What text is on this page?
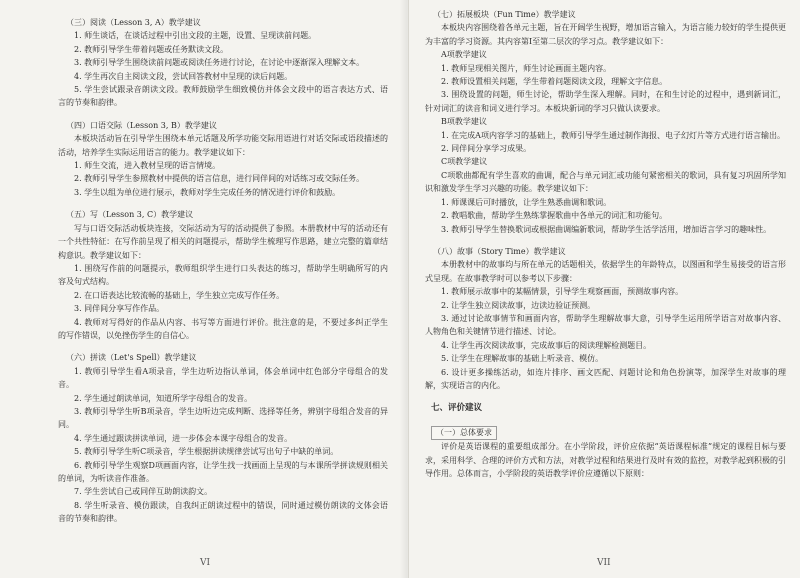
（三）阅读（Lesson 3, A）教学建议

1. 师生谈话，在谈话过程中引出文段的主题，设置、呈现读前问题。

2. 教师引导学生带着问题或任务默读文段。

3. 教师引导学生围绕读前问题或阅读任务进行讨论，在讨论中逐渐深入理解文本。

4. 学生再次自主阅读文段，尝试回答教材中呈现的读后问题。

5. 学生尝试跟录音朗读文段。教师鼓励学生细致模仿并体会文段中的语言表达方式、语言的节奏和韵律。

（四）口语交际（Lesson 3, B）教学建议

本板块活动旨在引导学生围绕本单元话题及所学功能交际用语进行对话交际或语段描述的活动，培养学生实际运用语言的能力。教学建议如下：

1. 师生交流，进入教材呈现的语言情境。

2. 教师引导学生参照教材中提供的语言信息，进行同伴间的对话练习或交际任务。

3. 学生以组为单位进行展示，教师对学生完成任务的情况进行评价和鼓励。

（五）写（Lesson 3, C）教学建议

写与口语交际活动板块连接，交际活动为写的活动提供了参照。本册教材中写的活动还有一个共性特征：在写作前呈现了相关的问题提示，帮助学生梳理写作思路，建立完整的篇章结构意识。教学建议如下：

1. 围绕写作前的问题提示，教师组织学生进行口头表达的练习，帮助学生明确所写的内容及句式结构。

2. 在口语表达比较流畅的基础上，学生独立完成写作任务。

3. 同伴间分享写作作品。

4. 教师对写得好的作品从内容、书写等方面进行评价。批注意的是，不要过多纠正学生的写作错误，以免挫伤学生的自信心。

（六）拼读（Let's Spell）教学建议

1. 教师引导学生看A项录音，学生边听边指认单词，体会单词中红色部分字母组合的发音。

2. 学生通过朗读单词，知道所学字母组合的发音。

3. 教师引导学生听B项录音，学生边听边完成判断、选择等任务，辨别字母组合发音的异同。

4. 学生通过跟读拼读单词，进一步体会本课字母组合的发音。

5. 教师引导学生听C项录音，学生根据拼读规律尝试写出句子中缺的单词。

6. 教师引导学生观察D项画面内容，让学生找一找画面上呈现的与本课所学拼读规则相关的单词，为听读音作准备。

7. 学生尝试自己或同伴互助朗读韵文。

8. 学生听录音、模仿跟读，自我纠正朗读过程中的错误，同时通过模仿朗读的文体会语音的节奏和韵律。

VI

（七）拓展板块（Fun Time）教学建议

本板块内容围绕着各单元主题，旨在开阔学生视野，增加语言输入，为语言能力较好的学生提供更为丰富的学习资源。其内容第Ⅰ至第二层次的学习点。教学建议如下：

A项教学建议

1. 教师呈现相关图片，师生讨论画面主题内容。

2. 教师设置相关问题，学生带着问题阅读文段，理解文字信息。

3. 围绕设置的问题，师生讨论，帮助学生深入理解。同时，在和生讨论的过程中，遇到新词汇，针对词汇的读音和词义进行学习。本板块新词的学习只做认读要求。

B项教学建议

1. 在完成A项内容学习的基础上，教师引导学生通过制作海报、电子幻灯片等方式进行语言输出。

2. 同伴间分享学习成果。

C项教学建议

C项歌曲都配有学生喜欢的曲调，配合与单元词汇或功能句紧密相关的歌词，具有复习巩固所学知识和激发学生学习兴趣的功能。教学建议如下：

1. 师课课后可时播放，让学生熟悉曲调和歌词。

2. 教唱歌曲，帮助学生熟练掌握歌曲中各单元的词汇和功能句。

3. 教师引导学生替换歌词或根据曲调编新歌词，帮助学生活学活用，增加语言学习的趣味性。

（八）故事（Story Time）教学建议

本册教材中的故事均与所在单元的话题相关，依据学生的年龄特点，以图画和学生易接受的语言形式呈现。在故事教学时可以参考以下步骤：

1. 教师展示故事中的某幅情景，引导学生观察画面，预测故事内容。

2. 让学生独立阅读故事，边读边验证预测。

3. 通过讨论故事情节和画面内容，帮助学生理解故事大意，引导学生运用所学语言对故事内容、人物角色和关键情节进行描述、讨论。

4. 让学生再次阅读故事，完成故事后的阅读理解检测题目。

5. 让学生在理解故事的基础上听录音、模仿。

6. 设计更多操练活动，如连片排序、画文匹配、问题讨论和角色扮演等，加深学生对故事的理解，实现语言的内化。

七、评价建议

（一）总体要求

评价是英语课程的重要组成部分。在小学阶段，评价应依据“英语课程标准”规定的课程目标与要求，采用科学、合理的评价方式和方法，对教学过程和结果进行及时有效的监控，对教学起到积极的引导作用。总体而言，小学阶段的英语教学评价应遵循以下原则：

VII
